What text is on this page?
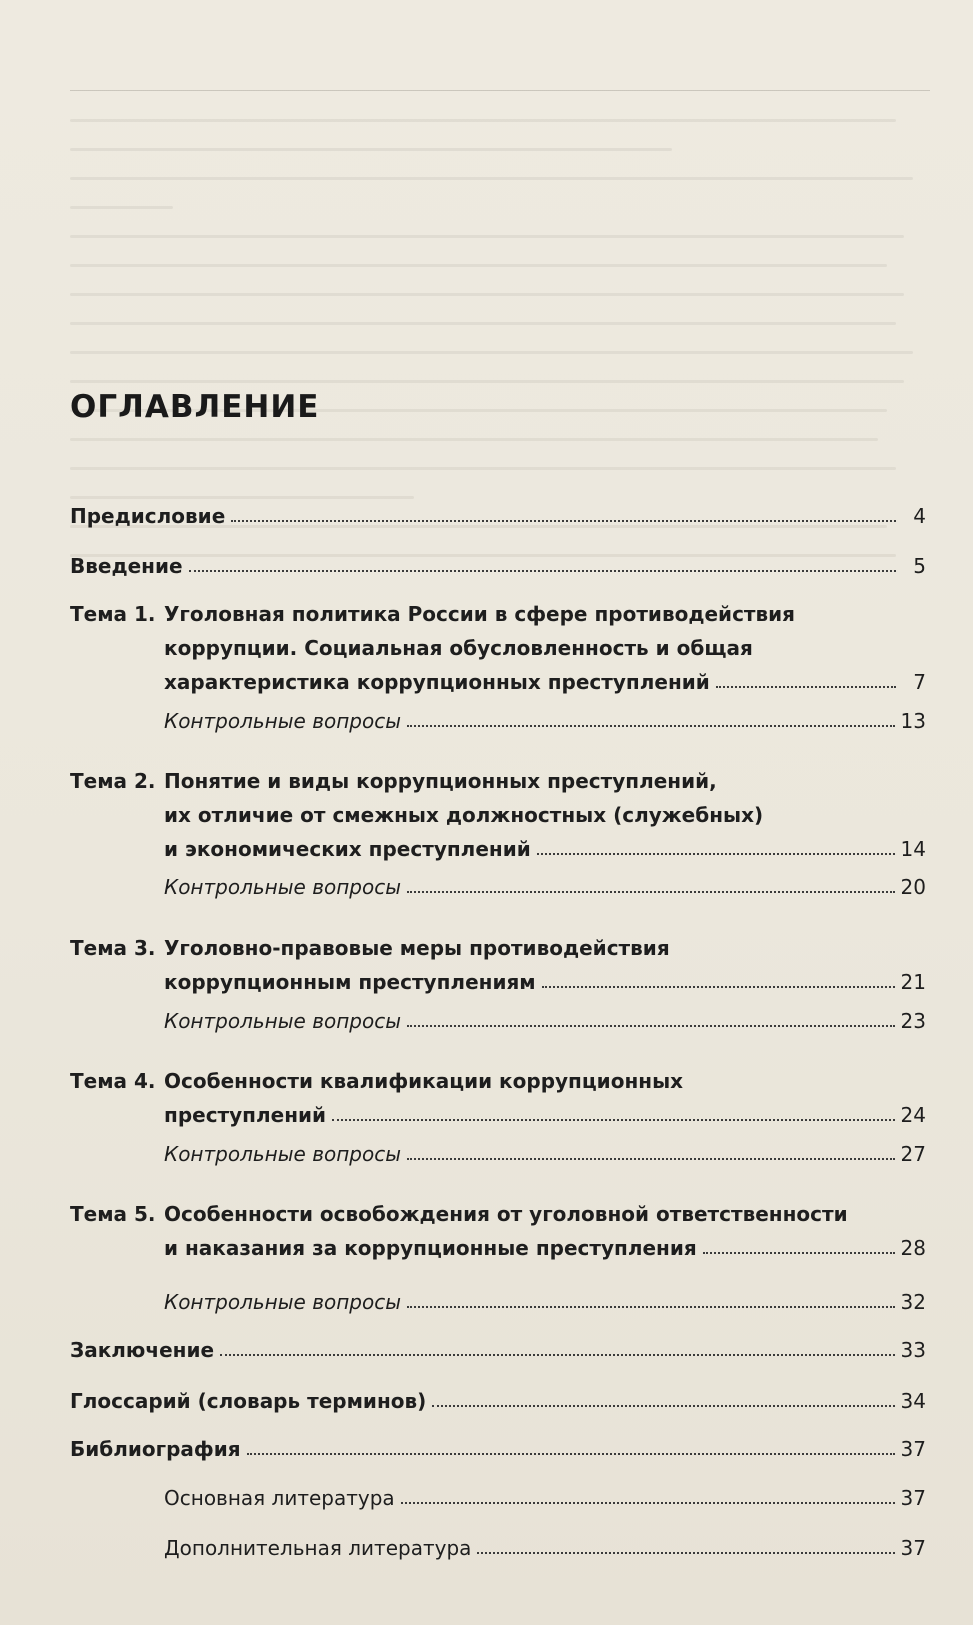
ОГЛАВЛЕНИЕ
Предисловие	4
Введение	5
Тема 1. Уголовная политика России в сфере противодействия
коррупции. Социальная обусловленность и общая
характеристика коррупционных преступлений	7
Контрольные вопросы	13
Тема 2. Понятие и виды коррупционных преступлений,
их отличие от смежных должностных (служебных)
и экономических преступлений	14
Контрольные вопросы	20
Тема 3. Уголовно-правовые меры противодействия
коррупционным преступлениям	21
Контрольные вопросы	23
Тема 4. Особенности квалификации коррупционных
преступлений	24
Контрольные вопросы	27
Тема 5. Особенности освобождения от уголовной ответственности
и наказания за коррупционные преступления	28
Контрольные вопросы	32
Заключение	33
Глоссарий (словарь терминов)	34
Библиография	37
Основная литература	37
Дополнительная литература	37
